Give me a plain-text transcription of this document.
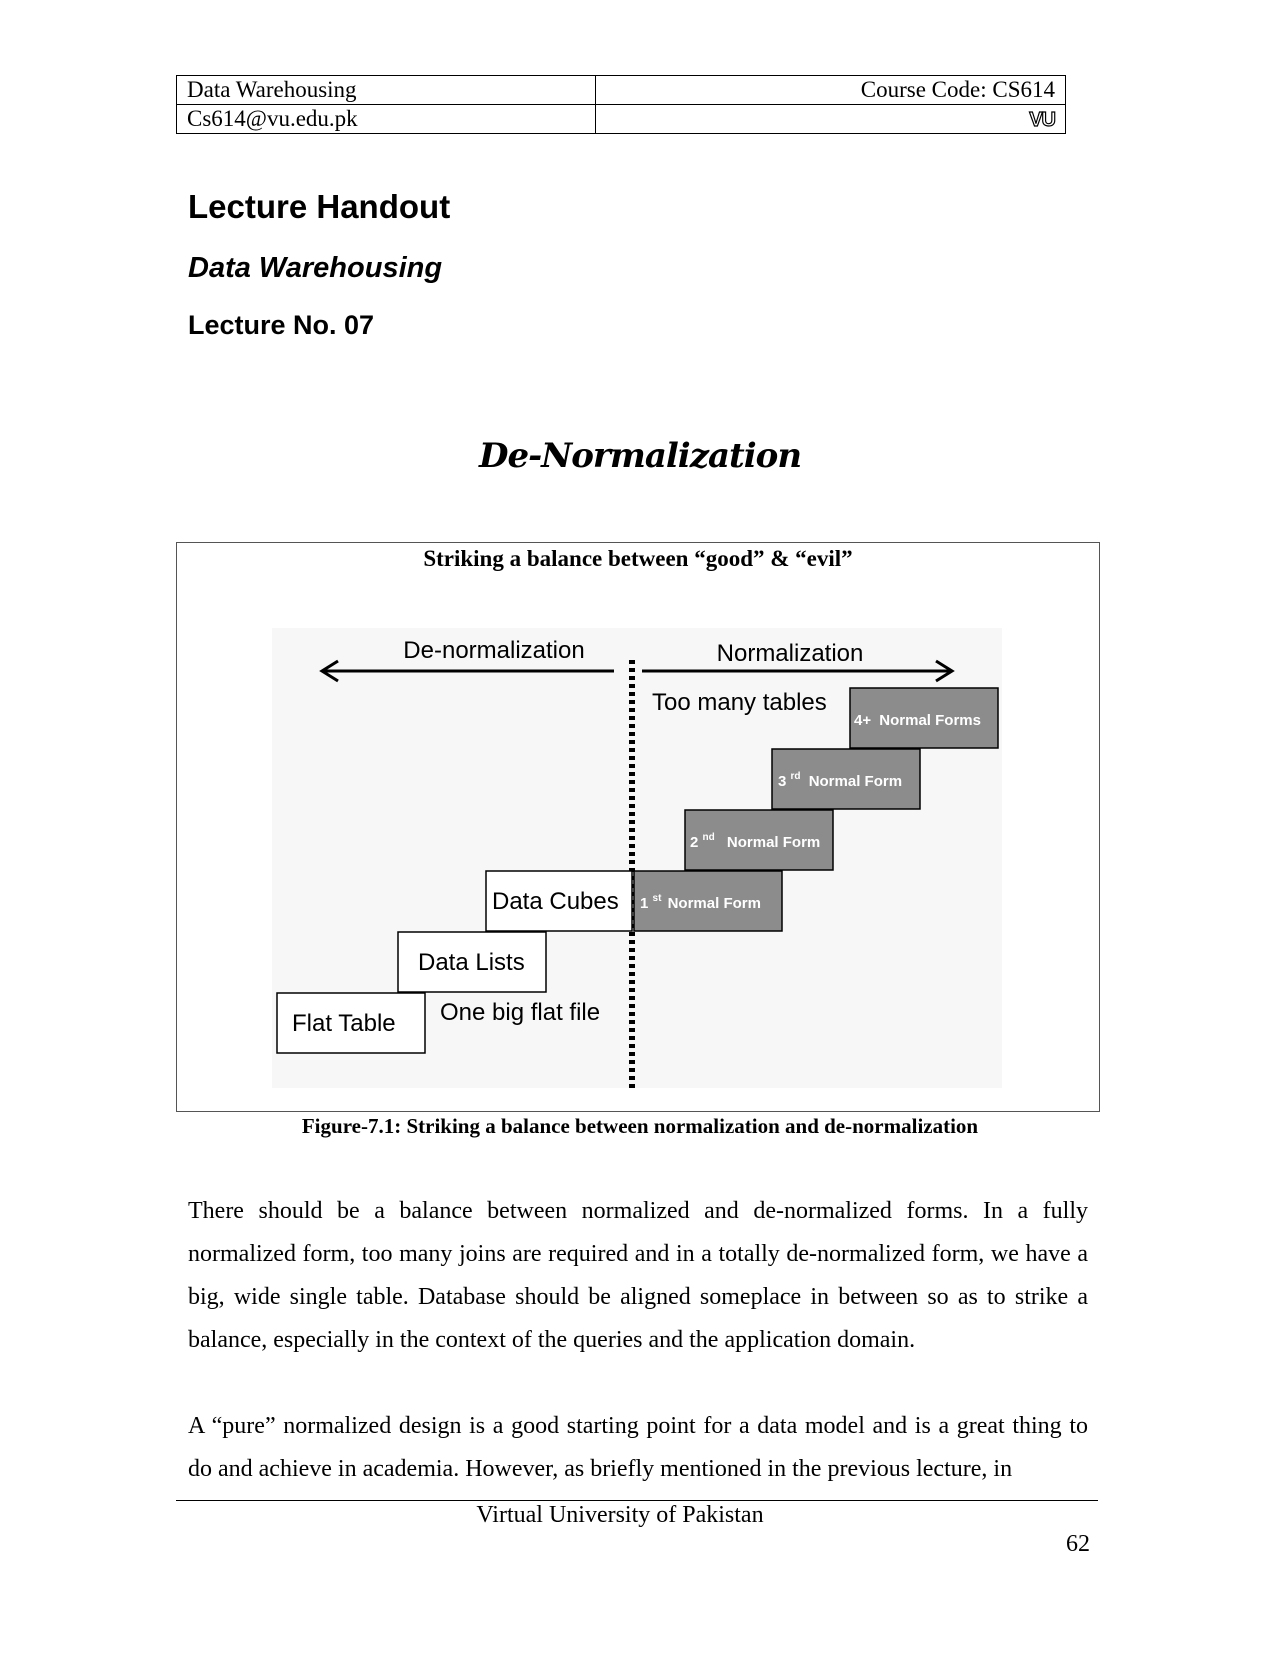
Data Warehousing	Course Code: CS614
Cs614@vu.edu.pk	VU
Lecture Handout
Data Warehousing
Lecture No. 07
De-Normalization

Striking a balance between “good” & “evil”

De-normalization	Normalization
Too many tables
One big flat file
4+ Normal Forms
3 $^{rd}$ Normal Form
2 $^{nd}$ Normal Form
1 $^{st}$ Normal Form
Data Cubes
Data Lists
Flat Table

Figure-7.1: Striking a balance between normalization and de-normalization

There should be a balance between normalized and de-normalized forms. In a fully normalized form, too many joins are required and in a totally de-normalized form, we have a big, wide single table. Database should be aligned someplace in between so as to strike a balance, especially in the context of the queries and the application domain.

A “pure” normalized design is a good starting point for a data model and is a great thing to do and achieve in academia. However, as briefly mentioned in the previous lecture, in

Virtual University of Pakistan

62
